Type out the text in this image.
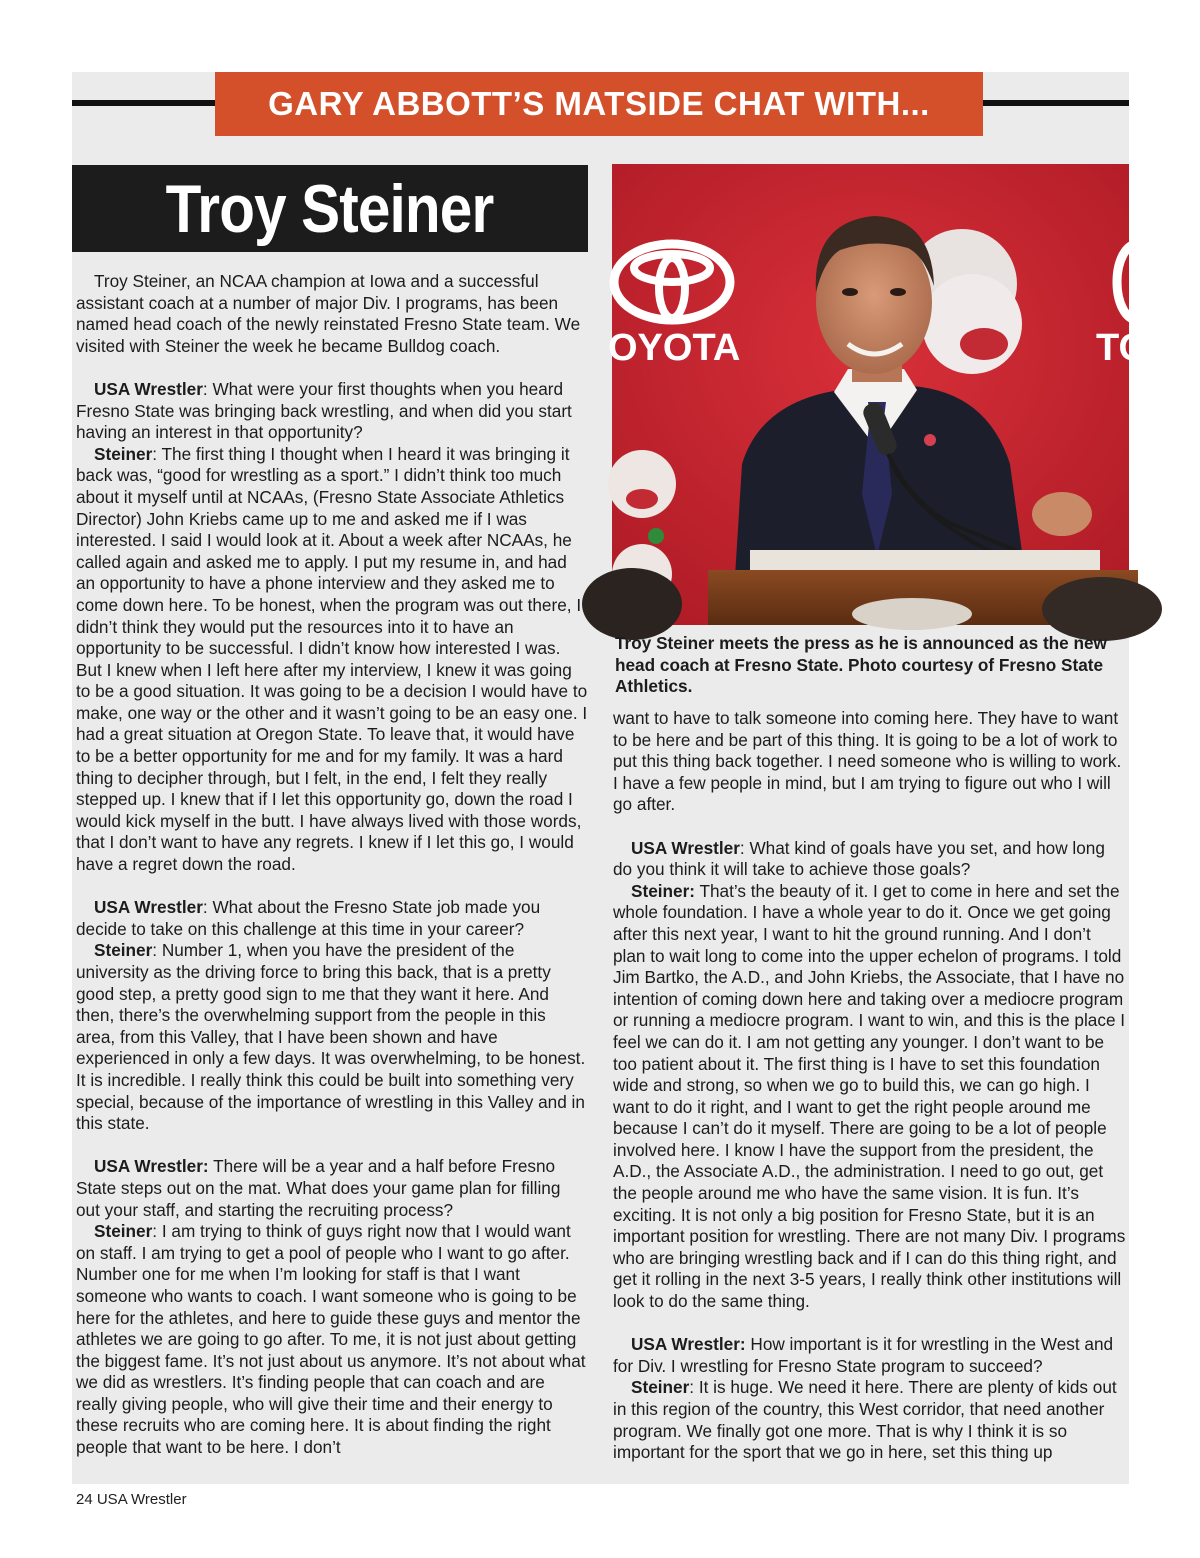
GARY ABBOTT’S MATSIDE CHAT WITH...
Troy Steiner

Troy Steiner, an NCAA champion at Iowa and a successful assistant coach at a number of major Div. I programs, has been named head coach of the newly reinstated Fresno State team. We visited with Steiner the week he became Bulldog coach.

USA Wrestler: What were your first thoughts when you heard Fresno State was bringing back wrestling, and when did you start having an interest in that opportunity?

Steiner: The first thing I thought when I heard it was bringing it back was, “good for wrestling as a sport.” I didn’t think too much about it myself until at NCAAs, (Fresno State Associate Athletics Director) John Kriebs came up to me and asked me if I was interested. I said I would look at it. About a week after NCAAs, he called again and asked me to apply. I put my resume in, and had an opportunity to have a phone interview and they asked me to come down here. To be honest, when the program was out there, I didn’t think they would put the resources into it to have an opportunity to be successful. I didn’t know how interested I was. But I knew when I left here after my interview, I knew it was going to be a good situation. It was going to be a decision I would have to make, one way or the other and it wasn’t going to be an easy one. I had a great situation at Oregon State. To leave that, it would have to be a better opportunity for me and for my family. It was a hard thing to decipher through, but I felt, in the end, I felt they really stepped up. I knew that if I let this opportunity go, down the road I would kick myself in the butt. I have always lived with those words, that I don’t want to have any regrets. I knew if I let this go, I would have a regret down the road.

USA Wrestler: What about the Fresno State job made you decide to take on this challenge at this time in your career?

Steiner: Number 1, when you have the president of the university as the driving force to bring this back, that is a pretty good step, a pretty good sign to me that they want it here. And then, there’s the overwhelming support from the people in this area, from this Valley, that I have been shown and have experienced in only a few days. It was overwhelming, to be honest. It is incredible. I really think this could be built into something very special, because of the importance of wrestling in this Valley and in this state.

USA Wrestler: There will be a year and a half before Fresno State steps out on the mat. What does your game plan for filling out your staff, and starting the recruiting process?

Steiner: I am trying to think of guys right now that I would want on staff. I am trying to get a pool of people who I want to go after. Number one for me when I’m looking for staff is that I want someone who wants to coach. I want someone who is going to be here for the athletes, and here to guide these guys and mentor the athletes we are going to go after. To me, it is not just about getting the biggest fame. It’s not just about us anymore. It’s not about what we did as wrestlers. It’s finding people that can coach and are really giving people, who will give their time and their energy to these recruits who are coming here. It is about finding the right people that want to be here. I don’t

OYOTA	TO
Troy Steiner meets the press as he is announced as the new head coach at Fresno State. Photo courtesy of Fresno State Athletics.

want to have to talk someone into coming here. They have to want to be here and be part of this thing. It is going to be a lot of work to put this thing back together. I need someone who is willing to work. I have a few people in mind, but I am trying to figure out who I will go after.

USA Wrestler: What kind of goals have you set, and how long do you think it will take to achieve those goals?

Steiner: That’s the beauty of it. I get to come in here and set the whole foundation. I have a whole year to do it. Once we get going after this next year, I want to hit the ground running. And I don’t plan to wait long to come into the upper echelon of programs. I told Jim Bartko, the A.D., and John Kriebs, the Associate, that I have no intention of coming down here and taking over a mediocre program or running a mediocre program. I want to win, and this is the place I feel we can do it. I am not getting any younger. I don’t want to be too patient about it. The first thing is I have to set this foundation wide and strong, so when we go to build this, we can go high. I want to do it right, and I want to get the right people around me because I can’t do it myself. There are going to be a lot of people involved here. I know I have the support from the president, the A.D., the Associate A.D., the administration. I need to go out, get the people around me who have the same vision. It is fun. It’s exciting. It is not only a big position for Fresno State, but it is an important position for wrestling. There are not many Div. I programs who are bringing wrestling back and if I can do this thing right, and get it rolling in the next 3-5 years, I really think other institutions will look to do the same thing.

USA Wrestler: How important is it for wrestling in the West and for Div. I wrestling for Fresno State program to succeed?

Steiner: It is huge. We need it here. There are plenty of kids out in this region of the country, this West corridor, that need another program. We finally got one more. That is why I think it is so important for the sport that we go in here, set this thing up

24 USA Wrestler
